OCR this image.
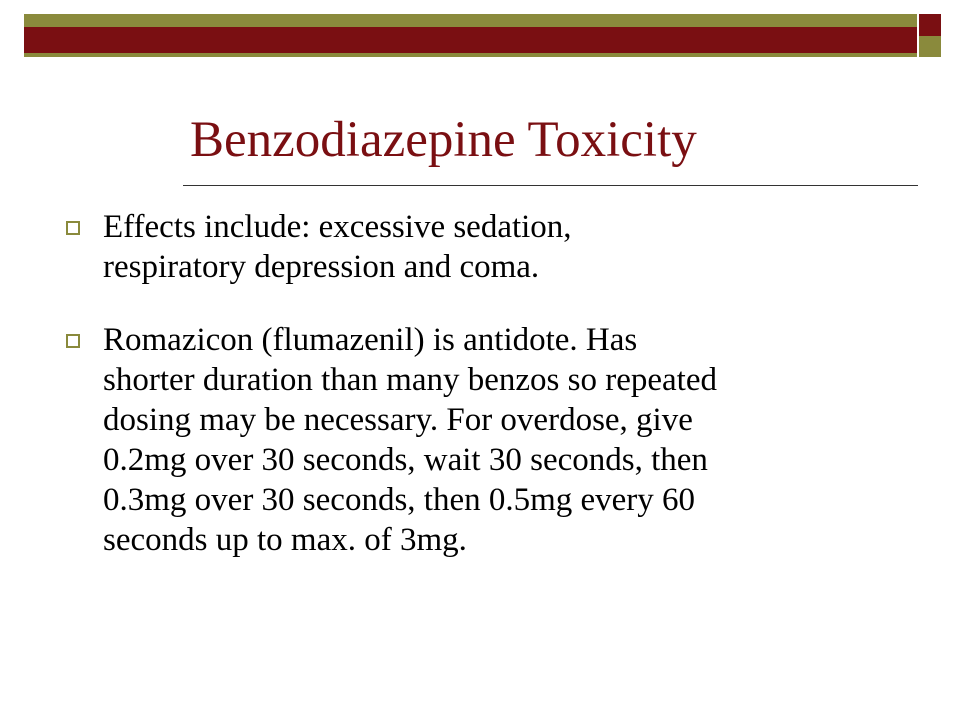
Benzodiazepine Toxicity
Effects include: excessive sedation,
respiratory depression and coma.
Romazicon (flumazenil) is antidote. Has
shorter duration than many benzos so repeated
dosing may be necessary. For overdose, give
0.2mg over 30 seconds, wait 30 seconds, then
0.3mg over 30 seconds, then 0.5mg every 60
seconds up to max. of 3mg.
